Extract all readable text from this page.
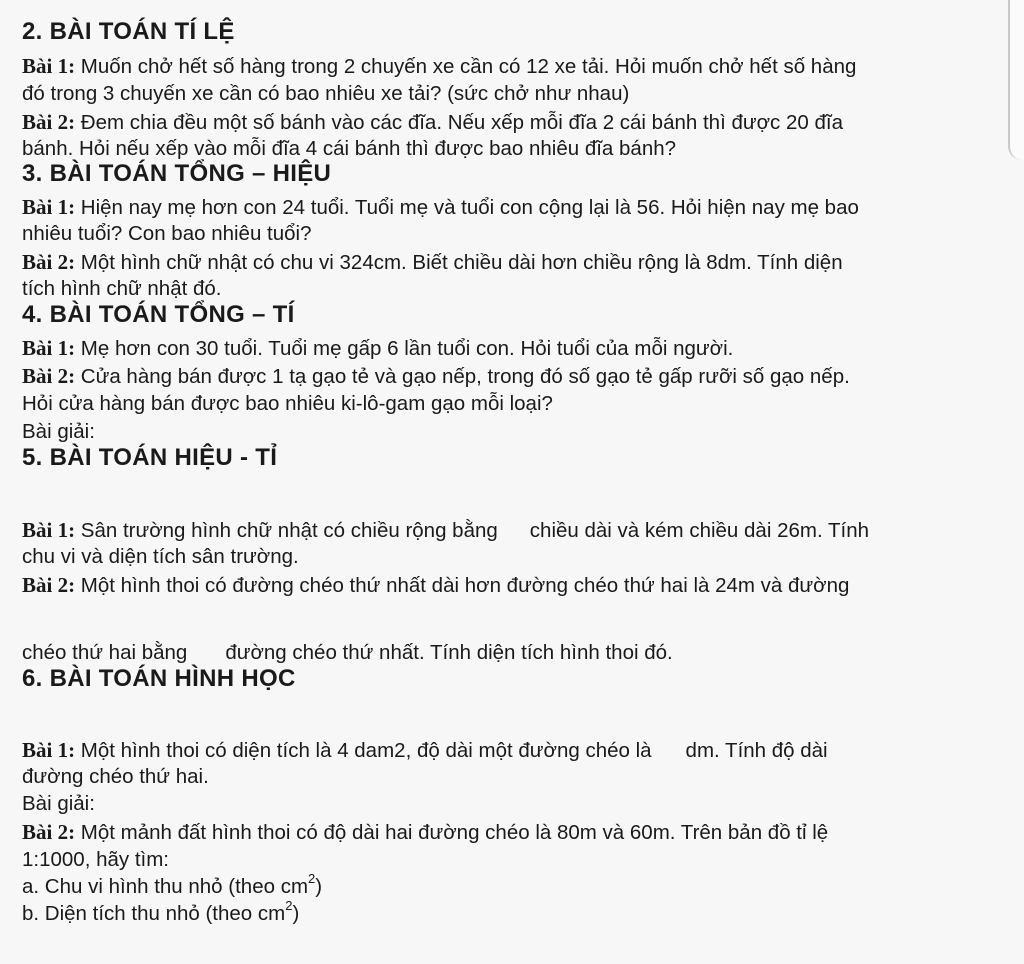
2. BÀI TOÁN TÍ LỆ
Bài 1: Muốn chở hết số hàng trong 2 chuyến xe cần có 12 xe tải. Hỏi muốn chở hết số hàng
đó trong 3 chuyến xe cần có bao nhiêu xe tải? (sức chở như nhau)
Bài 2: Đem chia đều một số bánh vào các đĩa. Nếu xếp mỗi đĩa 2 cái bánh thì được 20 đĩa
bánh. Hỏi nếu xếp vào mỗi đĩa 4 cái bánh thì được bao nhiêu đĩa bánh?
3. BÀI TOÁN TỔNG – HIỆU
Bài 1: Hiện nay mẹ hơn con 24 tuổi. Tuổi mẹ và tuổi con cộng lại là 56. Hỏi hiện nay mẹ bao
nhiêu tuổi? Con bao nhiêu tuổi?
Bài 2: Một hình chữ nhật có chu vi 324cm. Biết chiều dài hơn chiều rộng là 8dm. Tính diện
tích hình chữ nhật đó.
4. BÀI TOÁN TỔNG – TÍ
Bài 1: Mẹ hơn con 30 tuổi. Tuổi mẹ gấp 6 lần tuổi con. Hỏi tuổi của mỗi người.
Bài 2: Cửa hàng bán được 1 tạ gạo tẻ và gạo nếp, trong đó số gạo tẻ gấp rưỡi số gạo nếp.
Hỏi cửa hàng bán được bao nhiêu ki-lô-gam gạo mỗi loại?
Bài giải:
5. BÀI TOÁN HIỆU - TỈ
Bài 1: Sân trường hình chữ nhật có chiều rộng bằng chiều dài và kém chiều dài 26m. Tính
chu vi và diện tích sân trường.
Bài 2: Một hình thoi có đường chéo thứ nhất dài hơn đường chéo thứ hai là 24m và đường
chéo thứ hai bằng đường chéo thứ nhất. Tính diện tích hình thoi đó.
6. BÀI TOÁN HÌNH HỌC
Bài 1: Một hình thoi có diện tích là 4 dam2, độ dài một đường chéo là dm. Tính độ dài
đường chéo thứ hai.
Bài giải:
Bài 2: Một mảnh đất hình thoi có độ dài hai đường chéo là 80m và 60m. Trên bản đồ tỉ lệ
1:1000, hãy tìm:
a. Chu vi hình thu nhỏ (theo $cm^2$)
b. Diện tích thu nhỏ (theo $cm^2$)
